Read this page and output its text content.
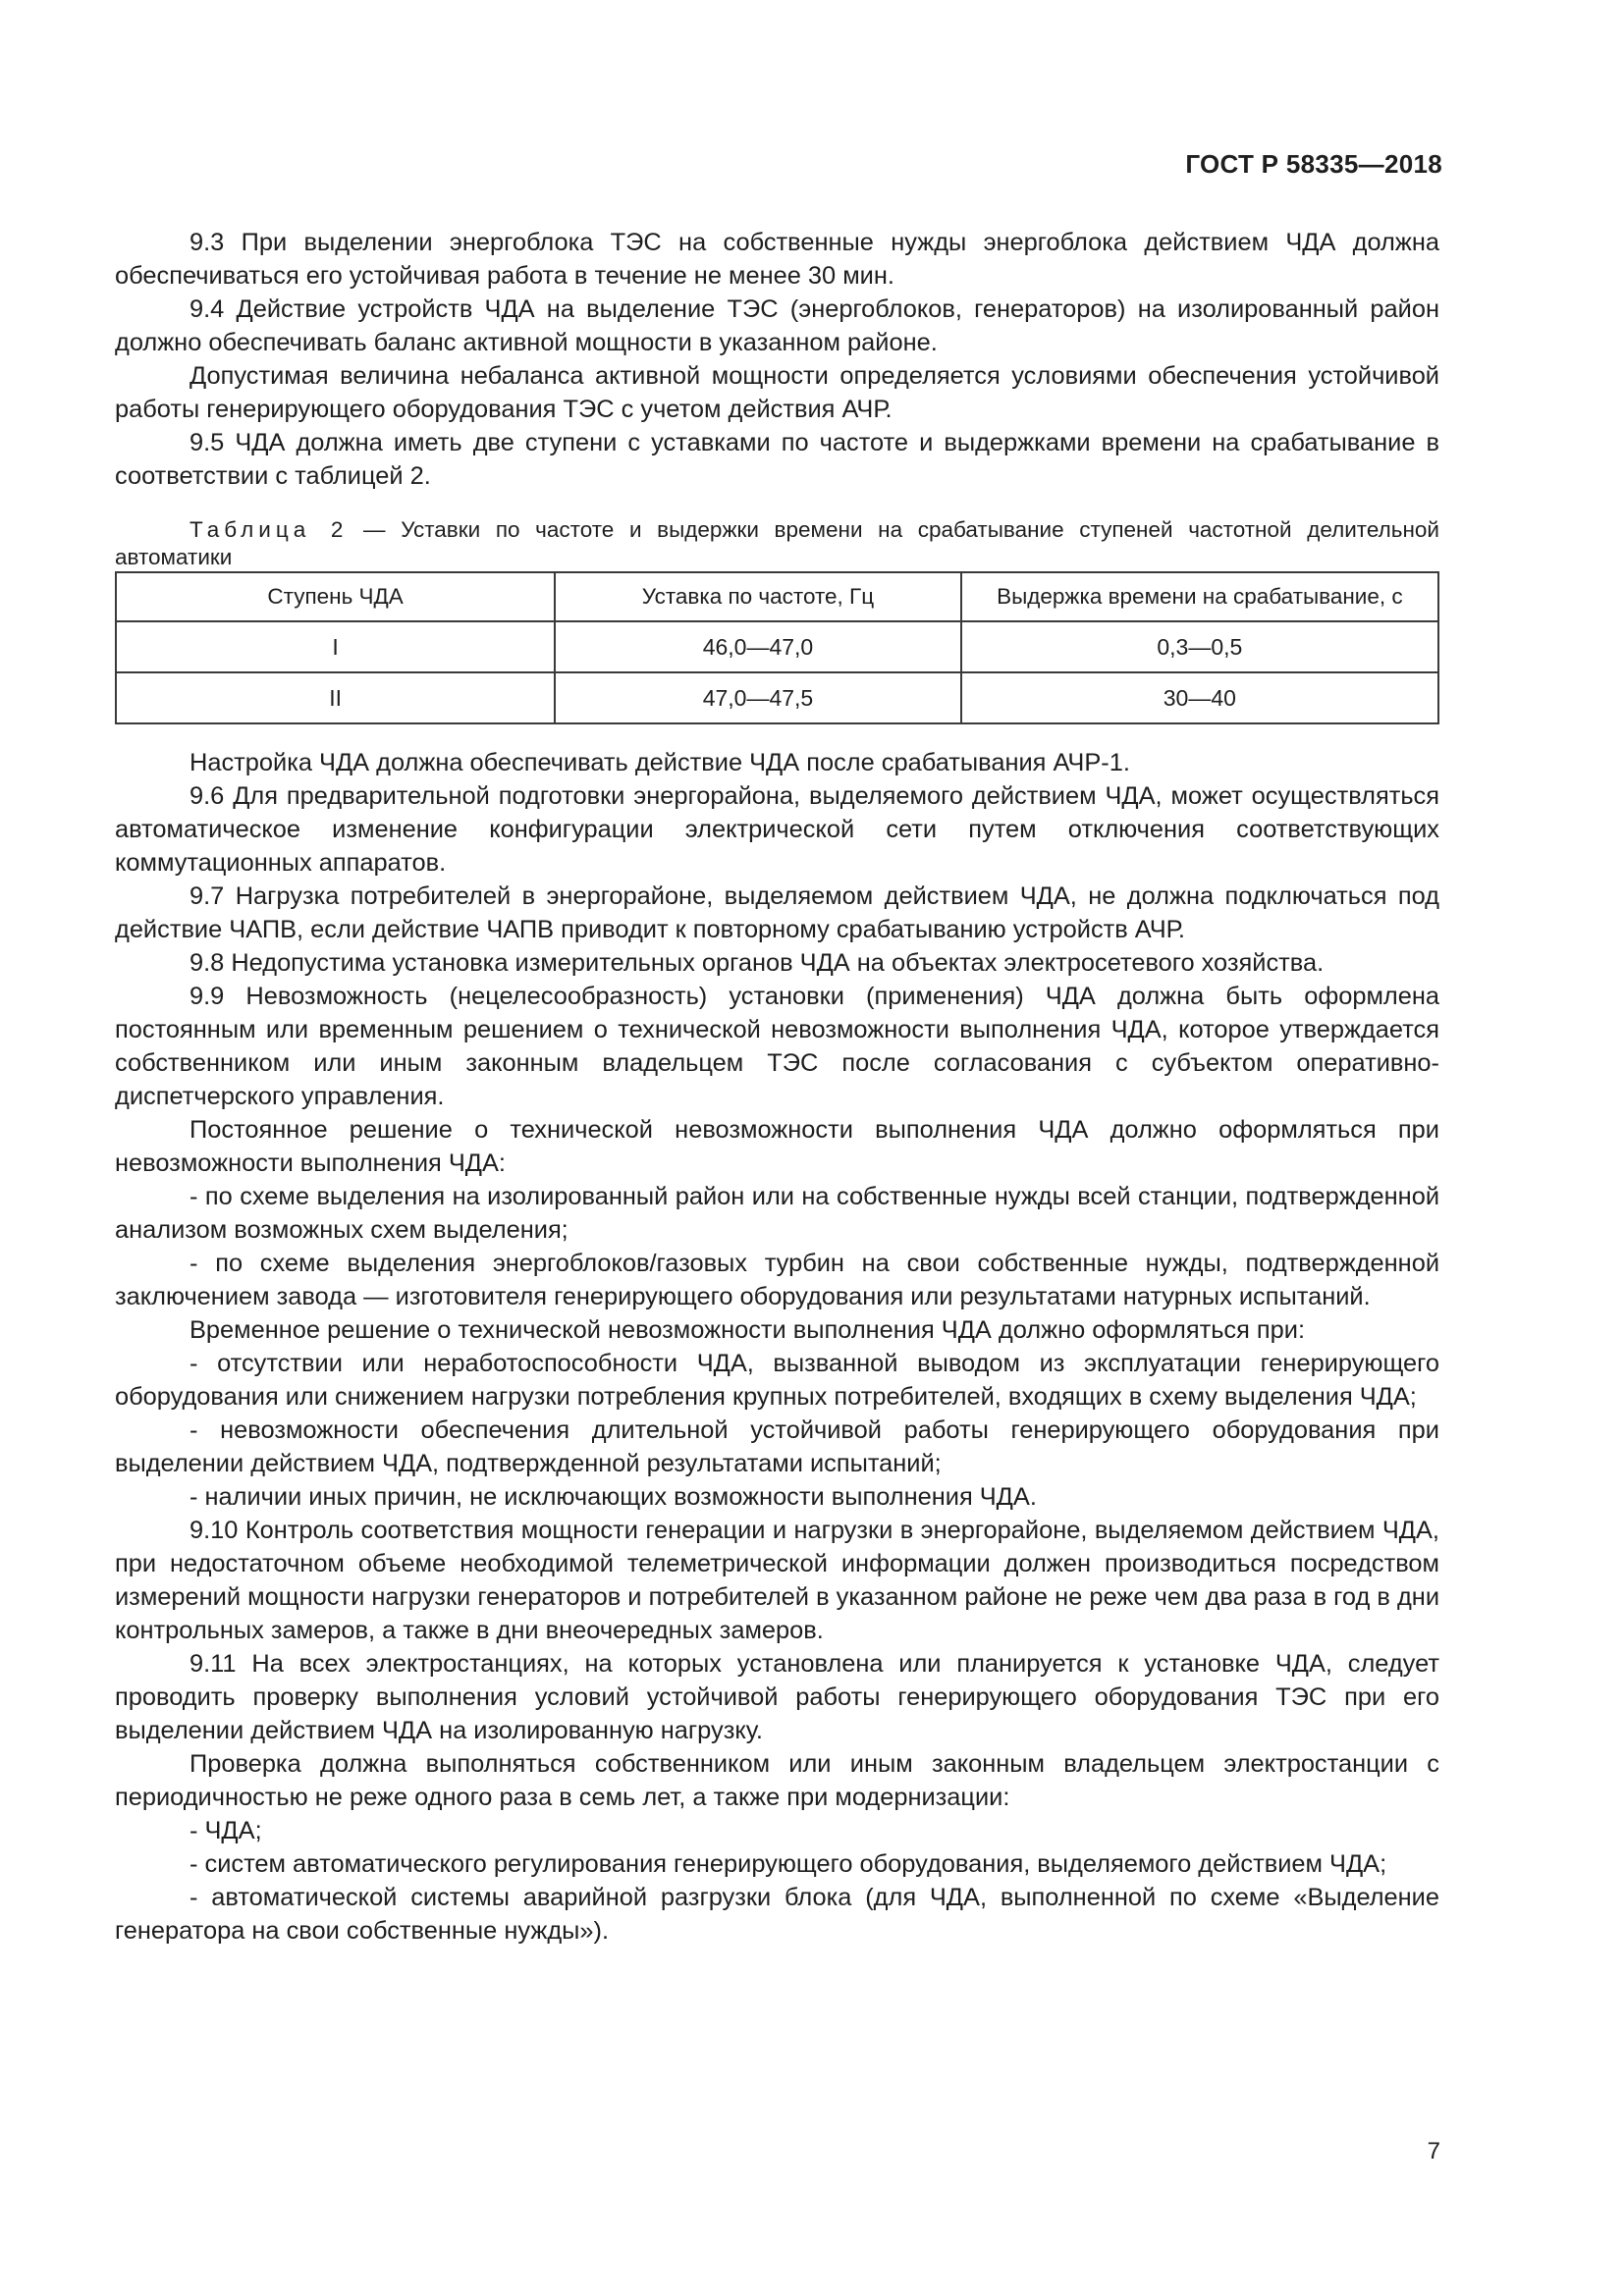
ГОСТ Р 58335—2018

9.3 При выделении энергоблока ТЭС на собственные нужды энергоблока действием ЧДА должна обеспечиваться его устойчивая работа в течение не менее 30 мин.

9.4 Действие устройств ЧДА на выделение ТЭС (энергоблоков, генераторов) на изолированный район должно обеспечивать баланс активной мощности в указанном районе.

Допустимая величина небаланса активной мощности определяется условиями обеспечения устойчивой работы генерирующего оборудования ТЭС с учетом действия АЧР.

9.5 ЧДА должна иметь две ступени с уставками по частоте и выдержками времени на срабатывание в соответствии с таблицей 2.

Таблица 2 — Уставки по частоте и выдержки времени на срабатывание ступеней частотной делительной автоматики

Ступень ЧДА	Уставка по частоте, Гц	Выдержка времени на срабатывание, с
I	46,0—47,0	0,3—0,5
II	47,0—47,5	30—40

Настройка ЧДА должна обеспечивать действие ЧДА после срабатывания АЧР-1.

9.6 Для предварительной подготовки энергорайона, выделяемого действием ЧДА, может осуществляться автоматическое изменение конфигурации электрической сети путем отключения соответствующих коммутационных аппаратов.

9.7 Нагрузка потребителей в энергорайоне, выделяемом действием ЧДА, не должна подключаться под действие ЧАПВ, если действие ЧАПВ приводит к повторному срабатыванию устройств АЧР.

9.8 Недопустима установка измерительных органов ЧДА на объектах электросетевого хозяйства.

9.9 Невозможность (нецелесообразность) установки (применения) ЧДА должна быть оформлена постоянным или временным решением о технической невозможности выполнения ЧДА, которое утверждается собственником или иным законным владельцем ТЭС после согласования с субъектом оперативно-диспетчерского управления.

Постоянное решение о технической невозможности выполнения ЧДА должно оформляться при невозможности выполнения ЧДА:

- по схеме выделения на изолированный район или на собственные нужды всей станции, подтвержденной анализом возможных схем выделения;

- по схеме выделения энергоблоков/газовых турбин на свои собственные нужды, подтвержденной заключением завода — изготовителя генерирующего оборудования или результатами натурных испытаний.

Временное решение о технической невозможности выполнения ЧДА должно оформляться при:

- отсутствии или неработоспособности ЧДА, вызванной выводом из эксплуатации генерирующего оборудования или снижением нагрузки потребления крупных потребителей, входящих в схему выделения ЧДА;

- невозможности обеспечения длительной устойчивой работы генерирующего оборудования при выделении действием ЧДА, подтвержденной результатами испытаний;

- наличии иных причин, не исключающих возможности выполнения ЧДА.

9.10 Контроль соответствия мощности генерации и нагрузки в энергорайоне, выделяемом действием ЧДА, при недостаточном объеме необходимой телеметрической информации должен производиться посредством измерений мощности нагрузки генераторов и потребителей в указанном районе не реже чем два раза в год в дни контрольных замеров, а также в дни внеочередных замеров.

9.11 На всех электростанциях, на которых установлена или планируется к установке ЧДА, следует проводить проверку выполнения условий устойчивой работы генерирующего оборудования ТЭС при его выделении действием ЧДА на изолированную нагрузку.

Проверка должна выполняться собственником или иным законным владельцем электростанции с периодичностью не реже одного раза в семь лет, а также при модернизации:

- ЧДА;

- систем автоматического регулирования генерирующего оборудования, выделяемого действием ЧДА;

- автоматической системы аварийной разгрузки блока (для ЧДА, выполненной по схеме «Выделение генератора на свои собственные нужды»).

7
